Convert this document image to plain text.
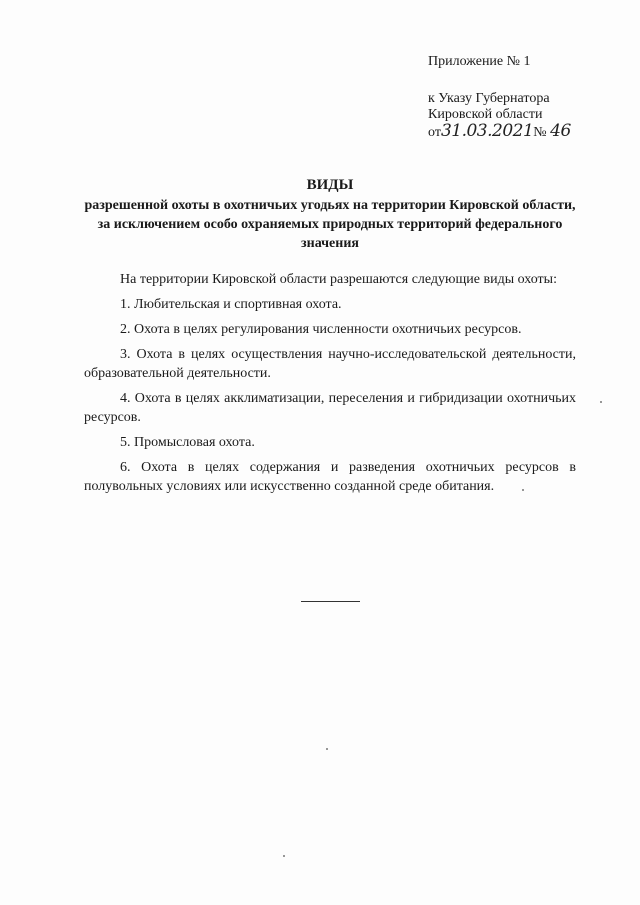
Приложение № 1
к Указу Губернатора
Кировской области
от31.03.2021№ 46
ВИДЫ
разрешенной охоты в охотничьих угодьях на территории Кировской области, за исключением особо охраняемых природных территорий федерального значения

На территории Кировской области разрешаются следующие виды охоты:

1. Любительская и спортивная охота.

2. Охота в целях регулирования численности охотничьих ресурсов.

3. Охота в целях осуществления научно-исследовательской деятельности, образовательной деятельности.

4. Охота в целях акклиматизации, переселения и гибридизации охотничьих ресурсов.

5. Промысловая охота.

6. Охота в целях содержания и разведения охотничьих ресурсов в полувольных условиях или искусственно созданной среде обитания.
